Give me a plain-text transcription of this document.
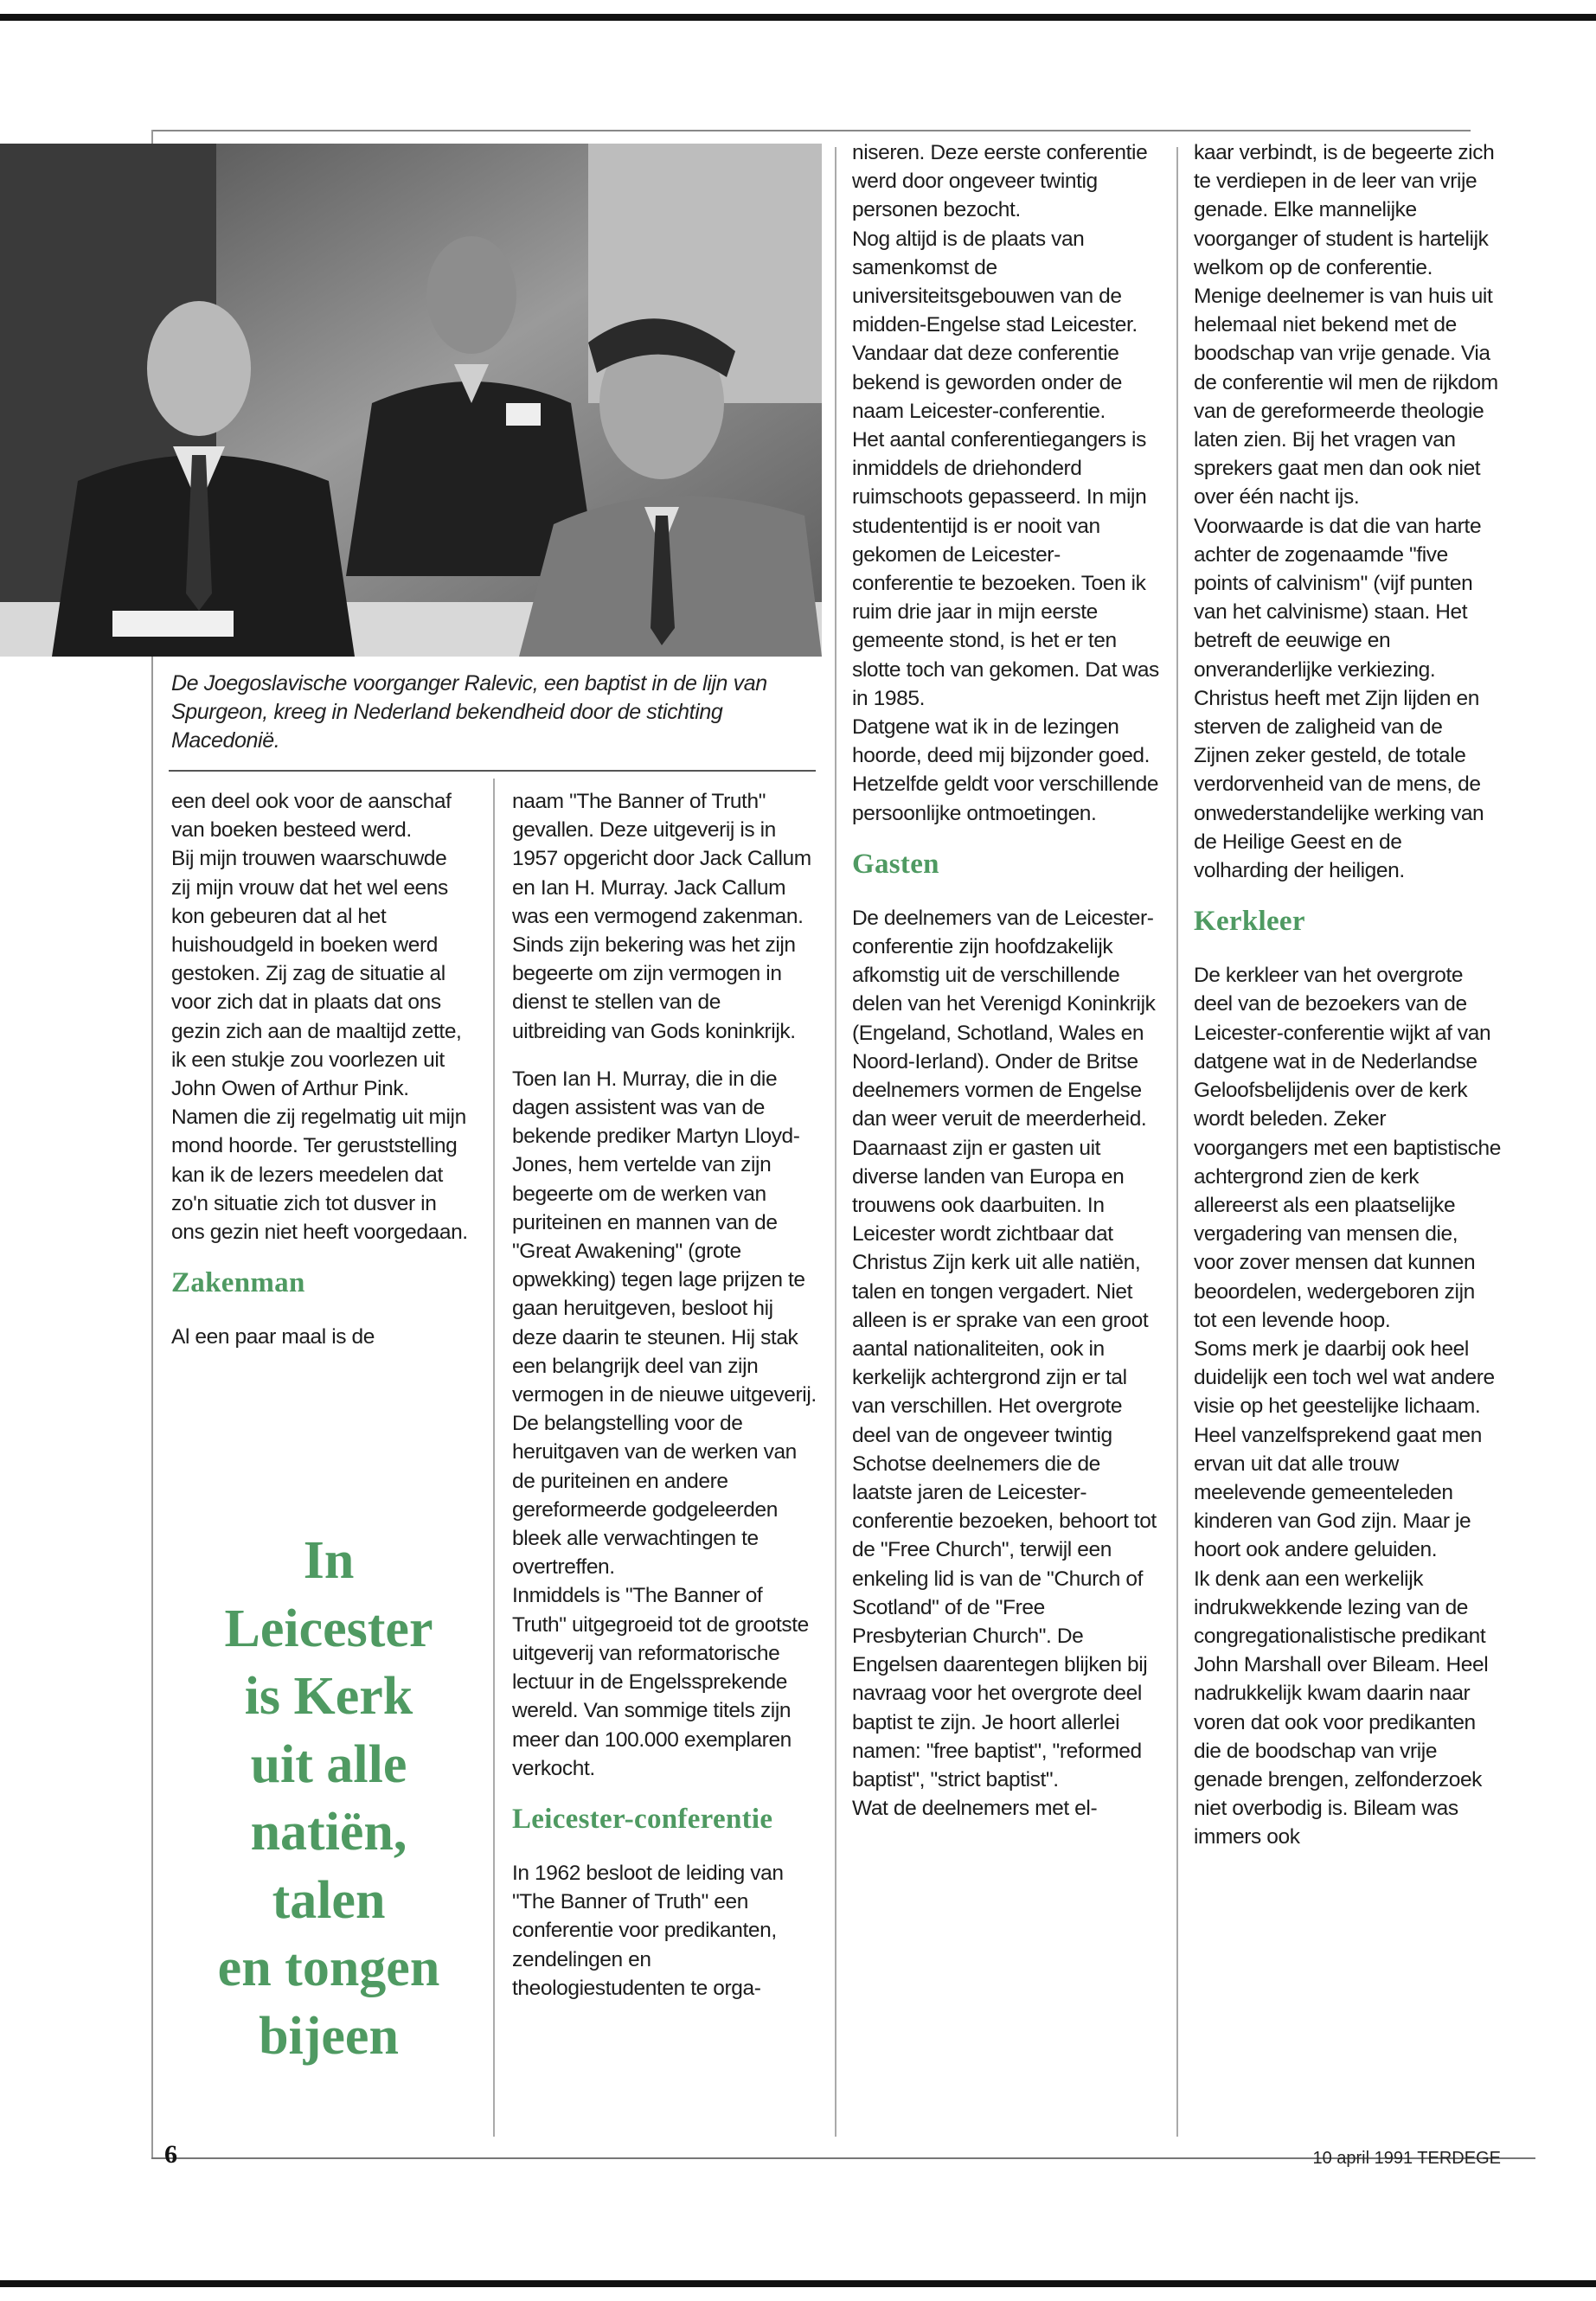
De Joegoslavische voorganger Ralevic, een baptist in de lijn van Spurgeon, kreeg in Nederland bekendheid door de stichting Macedonië.

een deel ook voor de aanschaf van boeken besteed werd.

Bij mijn trouwen waarschuwde zij mijn vrouw dat het wel eens kon gebeuren dat al het huishoudgeld in boeken werd gestoken. Zij zag de situatie al voor zich dat in plaats dat ons gezin zich aan de maaltijd zette, ik een stukje zou voorlezen uit John Owen of Arthur Pink. Namen die zij regelmatig uit mijn mond hoorde. Ter geruststelling kan ik de lezers meedelen dat zo'n situatie zich tot dusver in ons gezin niet heeft voorgedaan.

Zakenman

Al een paar maal is de

In
Leicester
is Kerk
uit alle
natiën,
talen
en tongen
bijeen

naam "The Banner of Truth" gevallen. Deze uitgeverij is in 1957 opgericht door Jack Callum en Ian H. Murray. Jack Callum was een vermogend zakenman. Sinds zijn bekering was het zijn begeerte om zijn vermogen in dienst te stellen van de uitbreiding van Gods koninkrijk.

Toen Ian H. Murray, die in die dagen assistent was van de bekende prediker Martyn Lloyd-Jones, hem vertelde van zijn begeerte om de werken van puriteinen en mannen van de "Great Awakening" (grote opwekking) tegen lage prijzen te gaan heruitgeven, besloot hij deze daarin te steunen. Hij stak een belangrijk deel van zijn vermogen in de nieuwe uitgeverij.

De belangstelling voor de heruitgaven van de werken van de puriteinen en andere gereformeerde godgeleerden bleek alle verwachtingen te overtreffen.

Inmiddels is "The Banner of Truth" uitgegroeid tot de grootste uitgeverij van reformatorische lectuur in de Engelssprekende wereld. Van sommige titels zijn meer dan 100.000 exemplaren verkocht.

Leicester-conferentie

In 1962 besloot de leiding van "The Banner of Truth" een conferentie voor predikanten, zendelingen en theologiestudenten te orga-

niseren. Deze eerste conferentie werd door ongeveer twintig personen bezocht.

Nog altijd is de plaats van samenkomst de universiteitsgebouwen van de midden-Engelse stad Leicester. Vandaar dat deze conferentie bekend is geworden onder de naam Leicester-conferentie.

Het aantal conferentiegangers is inmiddels de driehonderd ruimschoots gepasseerd. In mijn studententijd is er nooit van gekomen de Leicester-conferentie te bezoeken. Toen ik ruim drie jaar in mijn eerste gemeente stond, is het er ten slotte toch van gekomen. Dat was in 1985.

Datgene wat ik in de lezingen hoorde, deed mij bijzonder goed. Hetzelfde geldt voor verschillende persoonlijke ontmoetingen.

Gasten

De deelnemers van de Leicester-conferentie zijn hoofdzakelijk afkomstig uit de verschillende delen van het Verenigd Koninkrijk (Engeland, Schotland, Wales en Noord-Ierland). Onder de Britse deelnemers vormen de Engelse dan weer veruit de meerderheid.

Daarnaast zijn er gasten uit diverse landen van Europa en trouwens ook daarbuiten. In Leicester wordt zichtbaar dat Christus Zijn kerk uit alle natiën, talen en tongen vergadert. Niet alleen is er sprake van een groot aantal nationaliteiten, ook in kerkelijk achtergrond zijn er tal van verschillen. Het overgrote deel van de ongeveer twintig Schotse deelnemers die de laatste jaren de Leicester-conferentie bezoeken, behoort tot de "Free Church", terwijl een enkeling lid is van de "Church of Scotland" of de "Free Presbyterian Church". De Engelsen daarentegen blijken bij navraag voor het overgrote deel baptist te zijn. Je hoort allerlei namen: "free baptist", "reformed baptist", "strict baptist".

Wat de deelnemers met el-

kaar verbindt, is de begeerte zich te verdiepen in de leer van vrije genade. Elke mannelijke voorganger of student is hartelijk welkom op de conferentie. Menige deelnemer is van huis uit helemaal niet bekend met de boodschap van vrije genade. Via de conferentie wil men de rijkdom van de gereformeerde theologie laten zien. Bij het vragen van sprekers gaat men dan ook niet over één nacht ijs.

Voorwaarde is dat die van harte achter de zogenaamde "five points of calvinism" (vijf punten van het calvinisme) staan. Het betreft de eeuwige en onveranderlijke verkiezing.

Christus heeft met Zijn lijden en sterven de zaligheid van de Zijnen zeker gesteld, de totale verdorvenheid van de mens, de onwederstandelijke werking van de Heilige Geest en de volharding der heiligen.

Kerkleer

De kerkleer van het overgrote deel van de bezoekers van de Leicester-conferentie wijkt af van datgene wat in de Nederlandse Geloofsbelijdenis over de kerk wordt beleden. Zeker voorgangers met een baptistische achtergrond zien de kerk allereerst als een plaatselijke vergadering van mensen die, voor zover mensen dat kunnen beoordelen, wedergeboren zijn tot een levende hoop.

Soms merk je daarbij ook heel duidelijk een toch wel wat andere visie op het geestelijke lichaam. Heel vanzelfsprekend gaat men ervan uit dat alle trouw meelevende gemeenteleden kinderen van God zijn. Maar je hoort ook andere geluiden.

Ik denk aan een werkelijk indrukwekkende lezing van de congregationalistische predikant John Marshall over Bileam. Heel nadrukkelijk kwam daarin naar voren dat ook voor predikanten die de boodschap van vrije genade brengen, zelfonderzoek niet overbodig is. Bileam was immers ook

6	10 april 1991 TERDEGE
